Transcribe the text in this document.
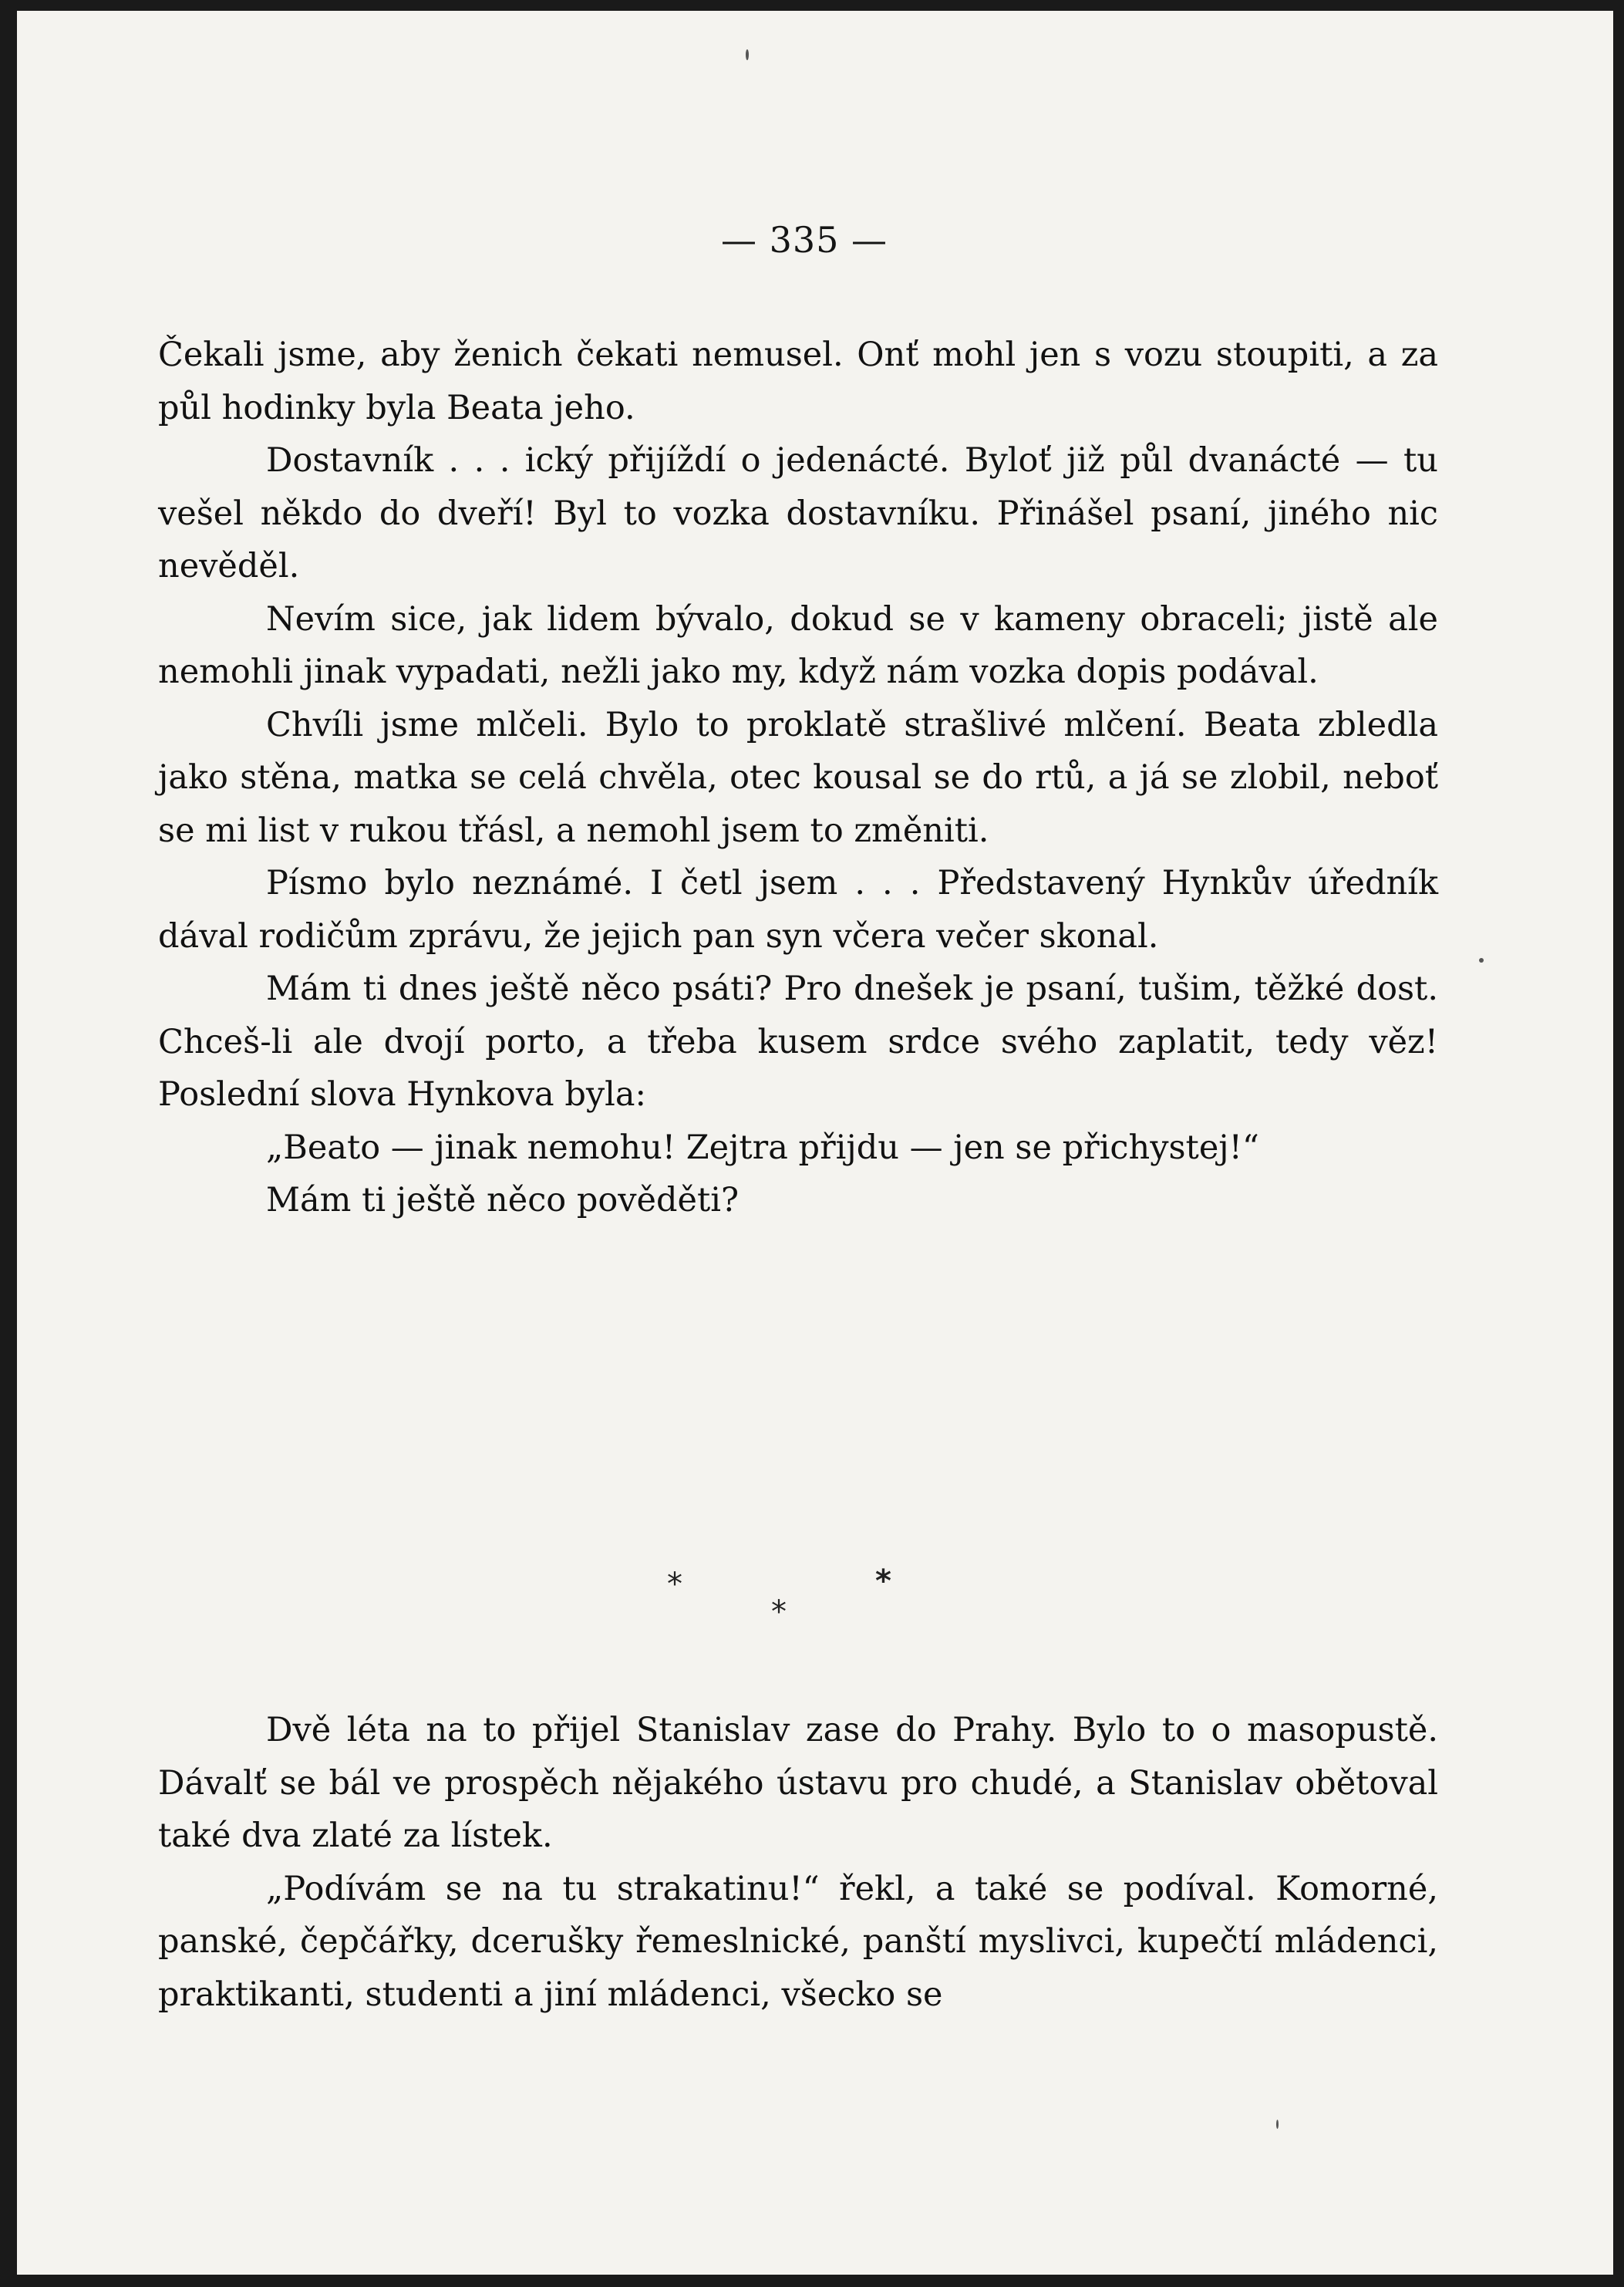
— 335 —

Čekali jsme, aby ženich čekati nemusel. Onť mohl jen s vozu stoupiti, a za půl hodinky byla Beata jeho.

Dostavník . . . ický přijíždí o jedenácté. Bylоť již půl dvanácté — tu vešel někdo do dveří! Byl to vozka dostavníku. Přinášel psaní, jiného nic nevěděl.

Nevím sice, jak lidem bývalo, dokud se v kameny obraceli; jistě ale nemohli jinak vypadati, nežli jako my, když nám vozka dopis podával.

Chvíli jsme mlčeli. Bylo to proklatě strašlivé mlčení. Beata zbledla jako stěna, matka se celá chvěla, otec kousal se do rtů, a já se zlobil, neboť se mi list v rukou třásl, a nemohl jsem to změniti.

Písmo bylo neznámé. I četl jsem . . . Představený Hynkův úředník dával rodičům zprávu, že jejich pan syn včera večer skonal.

Mám ti dnes ještě něco psáti? Pro dnešek je psaní, tušim, těžké dost. Chceš-li ale dvojí porto, a třeba kusem srdce svého zaplatit, tedy věz! Poslední slova Hynkova byla:

„Beato — jinak nemohu! Zejtra přijdu — jen se přichystej!“

Mám ti ještě něco pověděti?

*	*
*

Dvě léta na to přijel Stanislav zase do Prahy. Bylo to o masopustě. Dávalť se bál ve prospěch nějakého ústavu pro chudé, a Stanislav obětoval také dva zlaté za lístek.

„Podívám se na tu strakatinu!“ řekl, a také se podíval. Komorné, panské, čepčářky, dcerušky řemeslnické, panští myslivci, kupečtí mládenci, praktikanti, studenti a jiní mládenci, všecko se
